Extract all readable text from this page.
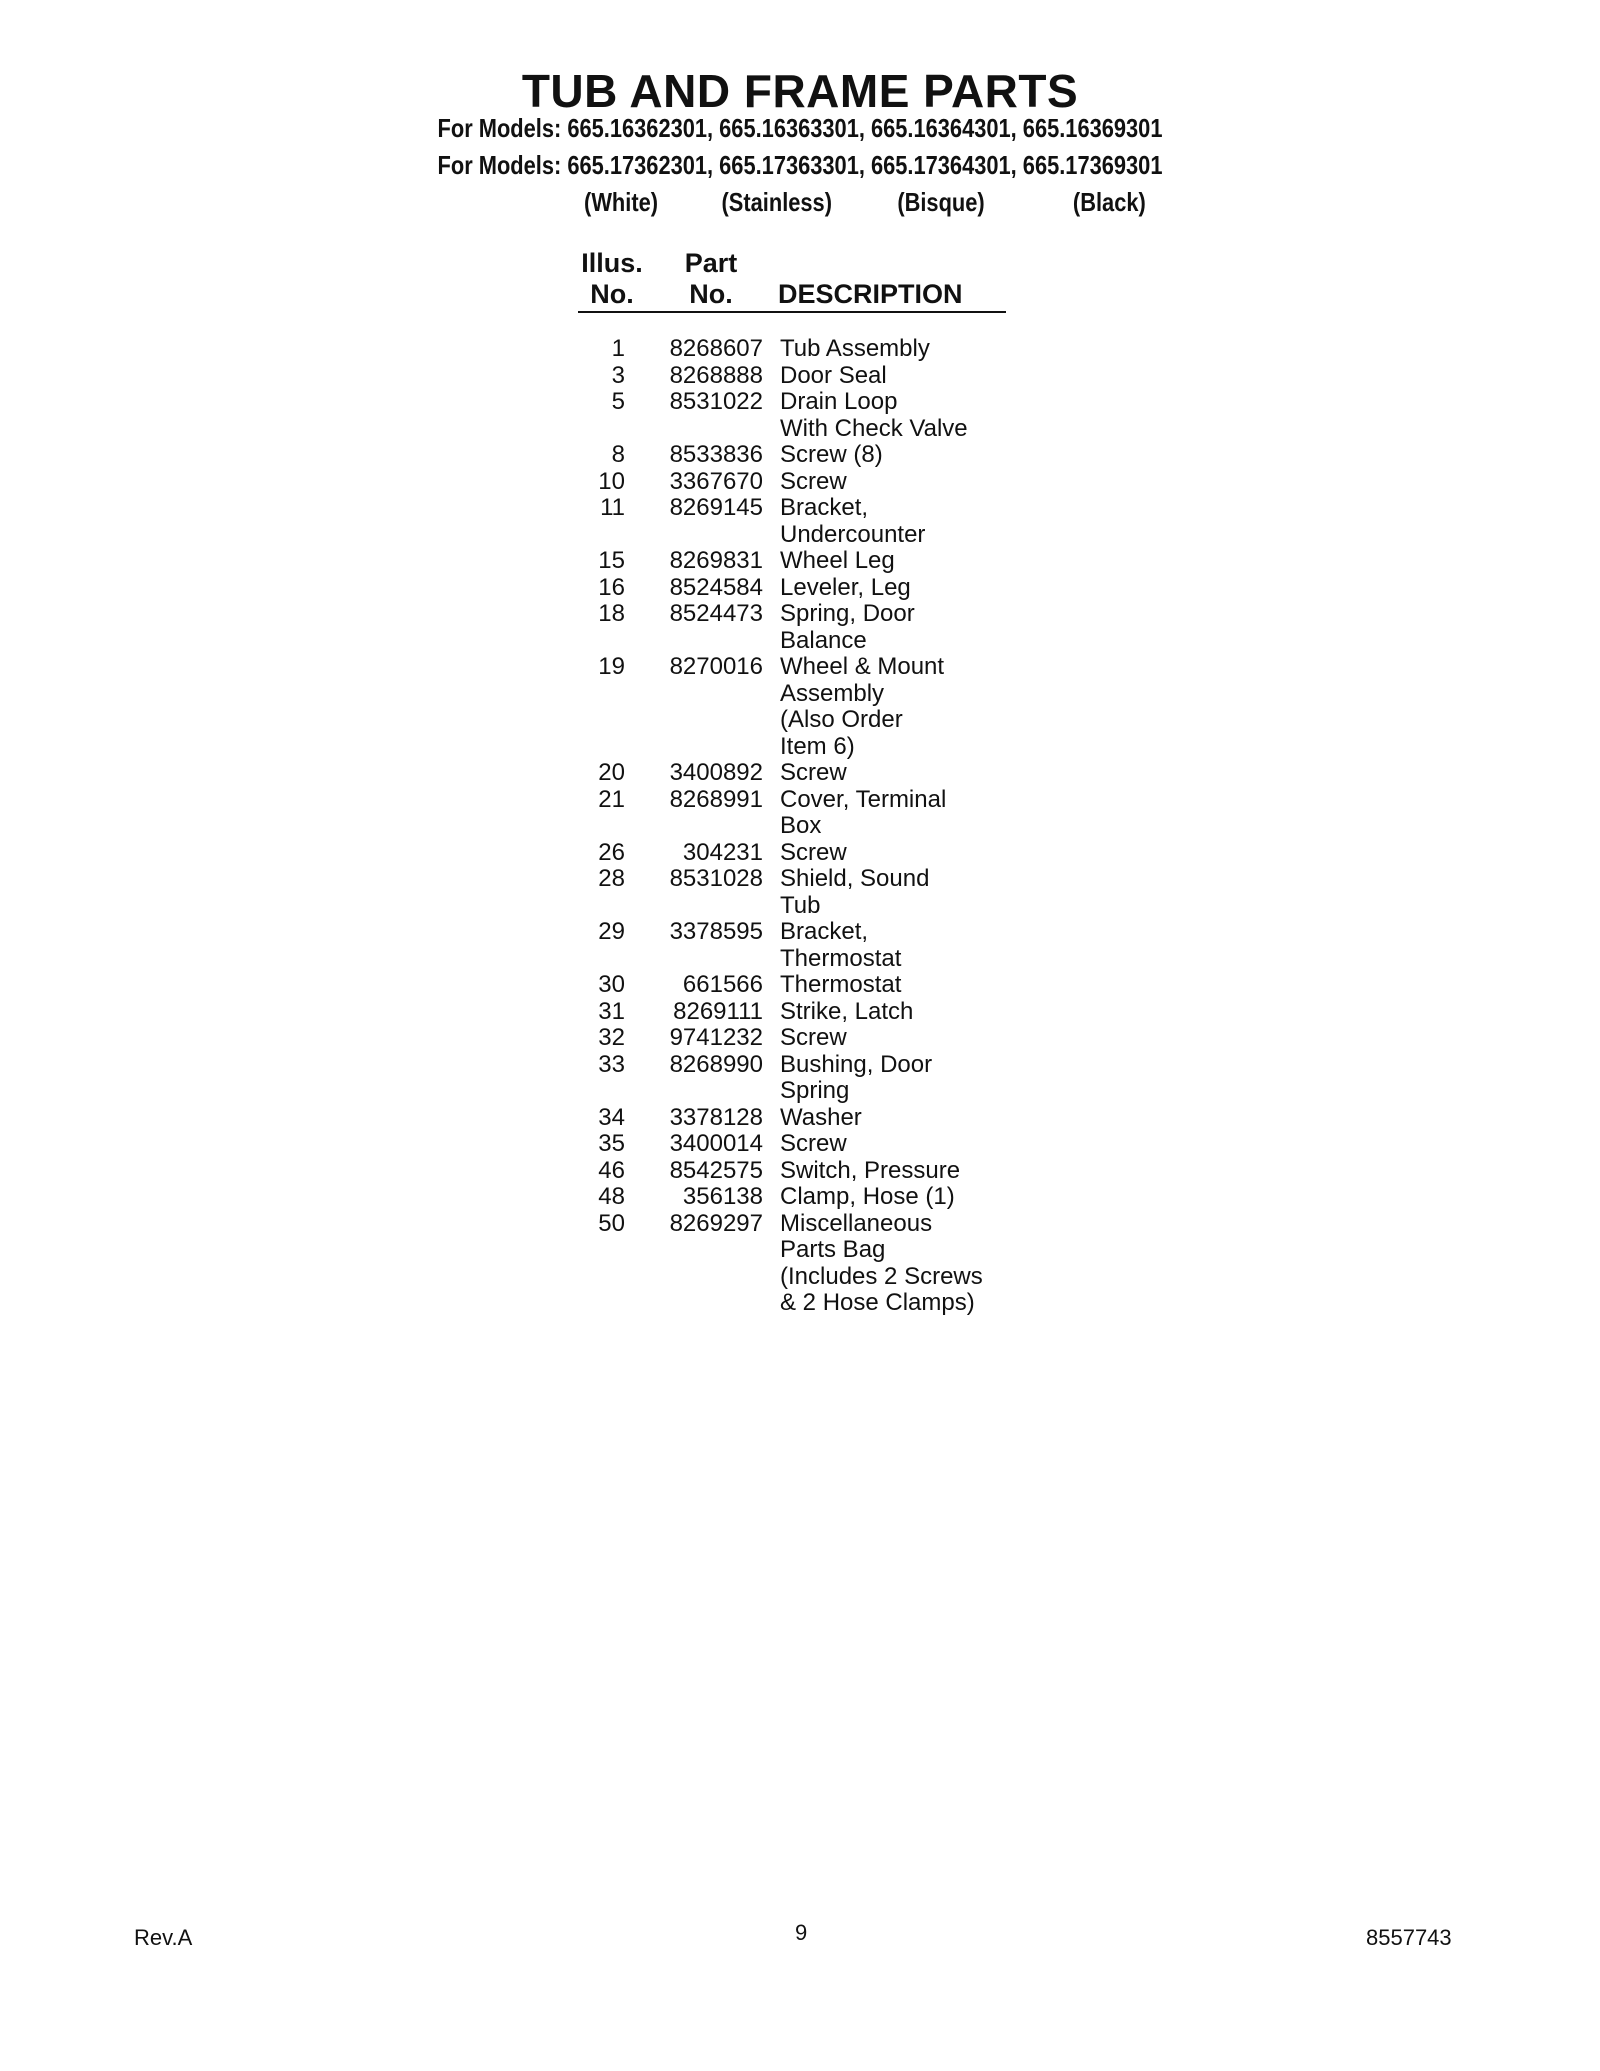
TUB AND FRAME PARTS
For Models: 665.16362301, 665.16363301, 665.16364301, 665.16369301
For Models: 665.17362301, 665.17363301, 665.17364301, 665.17369301
(White) (Stainless)	(Bisque)	(Black)
Illus.
No.
Part
No.	DESCRIPTION
1	8268607 Tub Assembly
3	8268888 Door Seal
5	8531022 Drain Loop
With Check Valve
8	8533836 Screw (8)
10	3367670 Screw
11	8269145 Bracket,
Undercounter
15	8269831 Wheel Leg
16	8524584 Leveler, Leg
18	8524473 Spring, Door
Balance
19	8270016 Wheel & Mount
Assembly
(Also Order
Item 6)
20	3400892 Screw
21	8268991 Cover, Terminal
Box
26	304231 Screw
28	8531028 Shield, Sound
Tub
29	3378595 Bracket,
Thermostat
30	661566 Thermostat
31	8269111 Strike, Latch
32	9741232 Screw
33	8268990 Bushing, Door
Spring
34	3378128 Washer
35	3400014 Screw
46	8542575 Switch, Pressure
48	356138 Clamp, Hose (1)
50	8269297 Miscellaneous
Parts Bag
(Includes 2 Screws
& 2 Hose Clamps)
Rev.A	9	8557743
